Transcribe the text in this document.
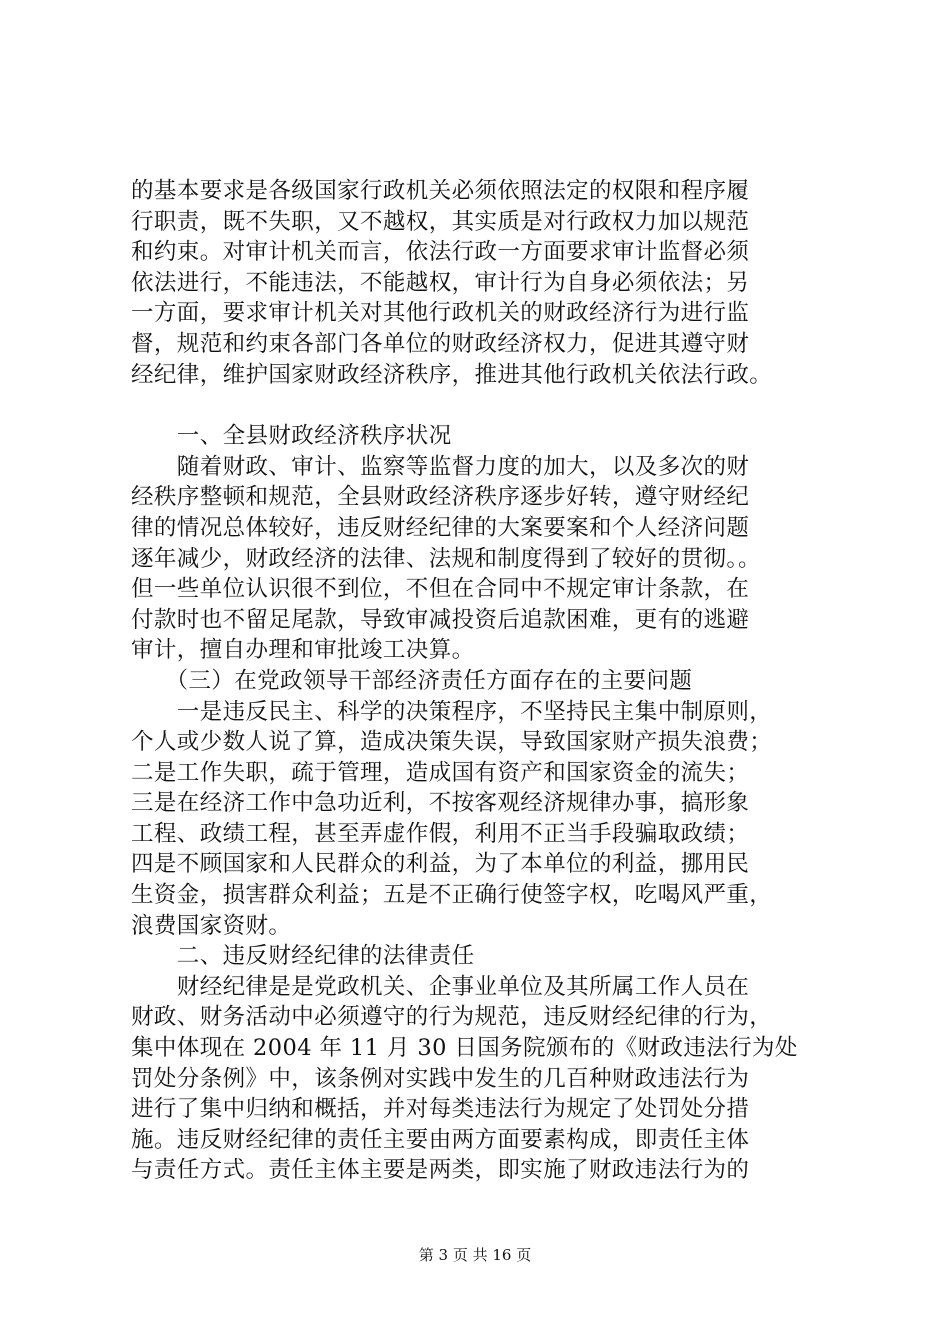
的基本要求是各级国家行政机关必须依照法定的权限和程序履
行职责，既不失职，又不越权，其实质是对行政权力加以规范
和约束。对审计机关而言，依法行政一方面要求审计监督必须
依法进行，不能违法，不能越权，审计行为自身必须依法；另
一方面，要求审计机关对其他行政机关的财政经济行为进行监
督，规范和约束各部门各单位的财政经济权力，促进其遵守财
经纪律，维护国家财政经济秩序，推进其他行政机关依法行政。
　　一、全县财政经济秩序状况
　　随着财政、审计、监察等监督力度的加大，以及多次的财
经秩序整顿和规范，全县财政经济秩序逐步好转，遵守财经纪
律的情况总体较好，违反财经纪律的大案要案和个人经济问题
逐年减少，财政经济的法律、法规和制度得到了较好的贯彻。。
但一些单位认识很不到位，不但在合同中不规定审计条款，在
付款时也不留足尾款，导致审减投资后追款困难，更有的逃避
审计，擅自办理和审批竣工决算。
　　（三）在党政领导干部经济责任方面存在的主要问题
　　一是违反民主、科学的决策程序，不坚持民主集中制原则，
个人或少数人说了算，造成决策失误，导致国家财产损失浪费；
二是工作失职，疏于管理，造成国有资产和国家资金的流失；
三是在经济工作中急功近利，不按客观经济规律办事，搞形象
工程、政绩工程，甚至弄虚作假，利用不正当手段骗取政绩；
四是不顾国家和人民群众的利益，为了本单位的利益，挪用民
生资金，损害群众利益；五是不正确行使签字权，吃喝风严重，
浪费国家资财。
　　二、违反财经纪律的法律责任
　　财经纪律是是党政机关、企事业单位及其所属工作人员在
财政、财务活动中必须遵守的行为规范，违反财经纪律的行为，
集中体现在 2004 年 11 月 30 日国务院颁布的《财政违法行为处
罚处分条例》中，该条例对实践中发生的几百种财政违法行为
进行了集中归纳和概括，并对每类违法行为规定了处罚处分措
施。违反财经纪律的责任主要由两方面要素构成，即责任主体
与责任方式。责任主体主要是两类，即实施了财政违法行为的
第 3 页 共 16 页
